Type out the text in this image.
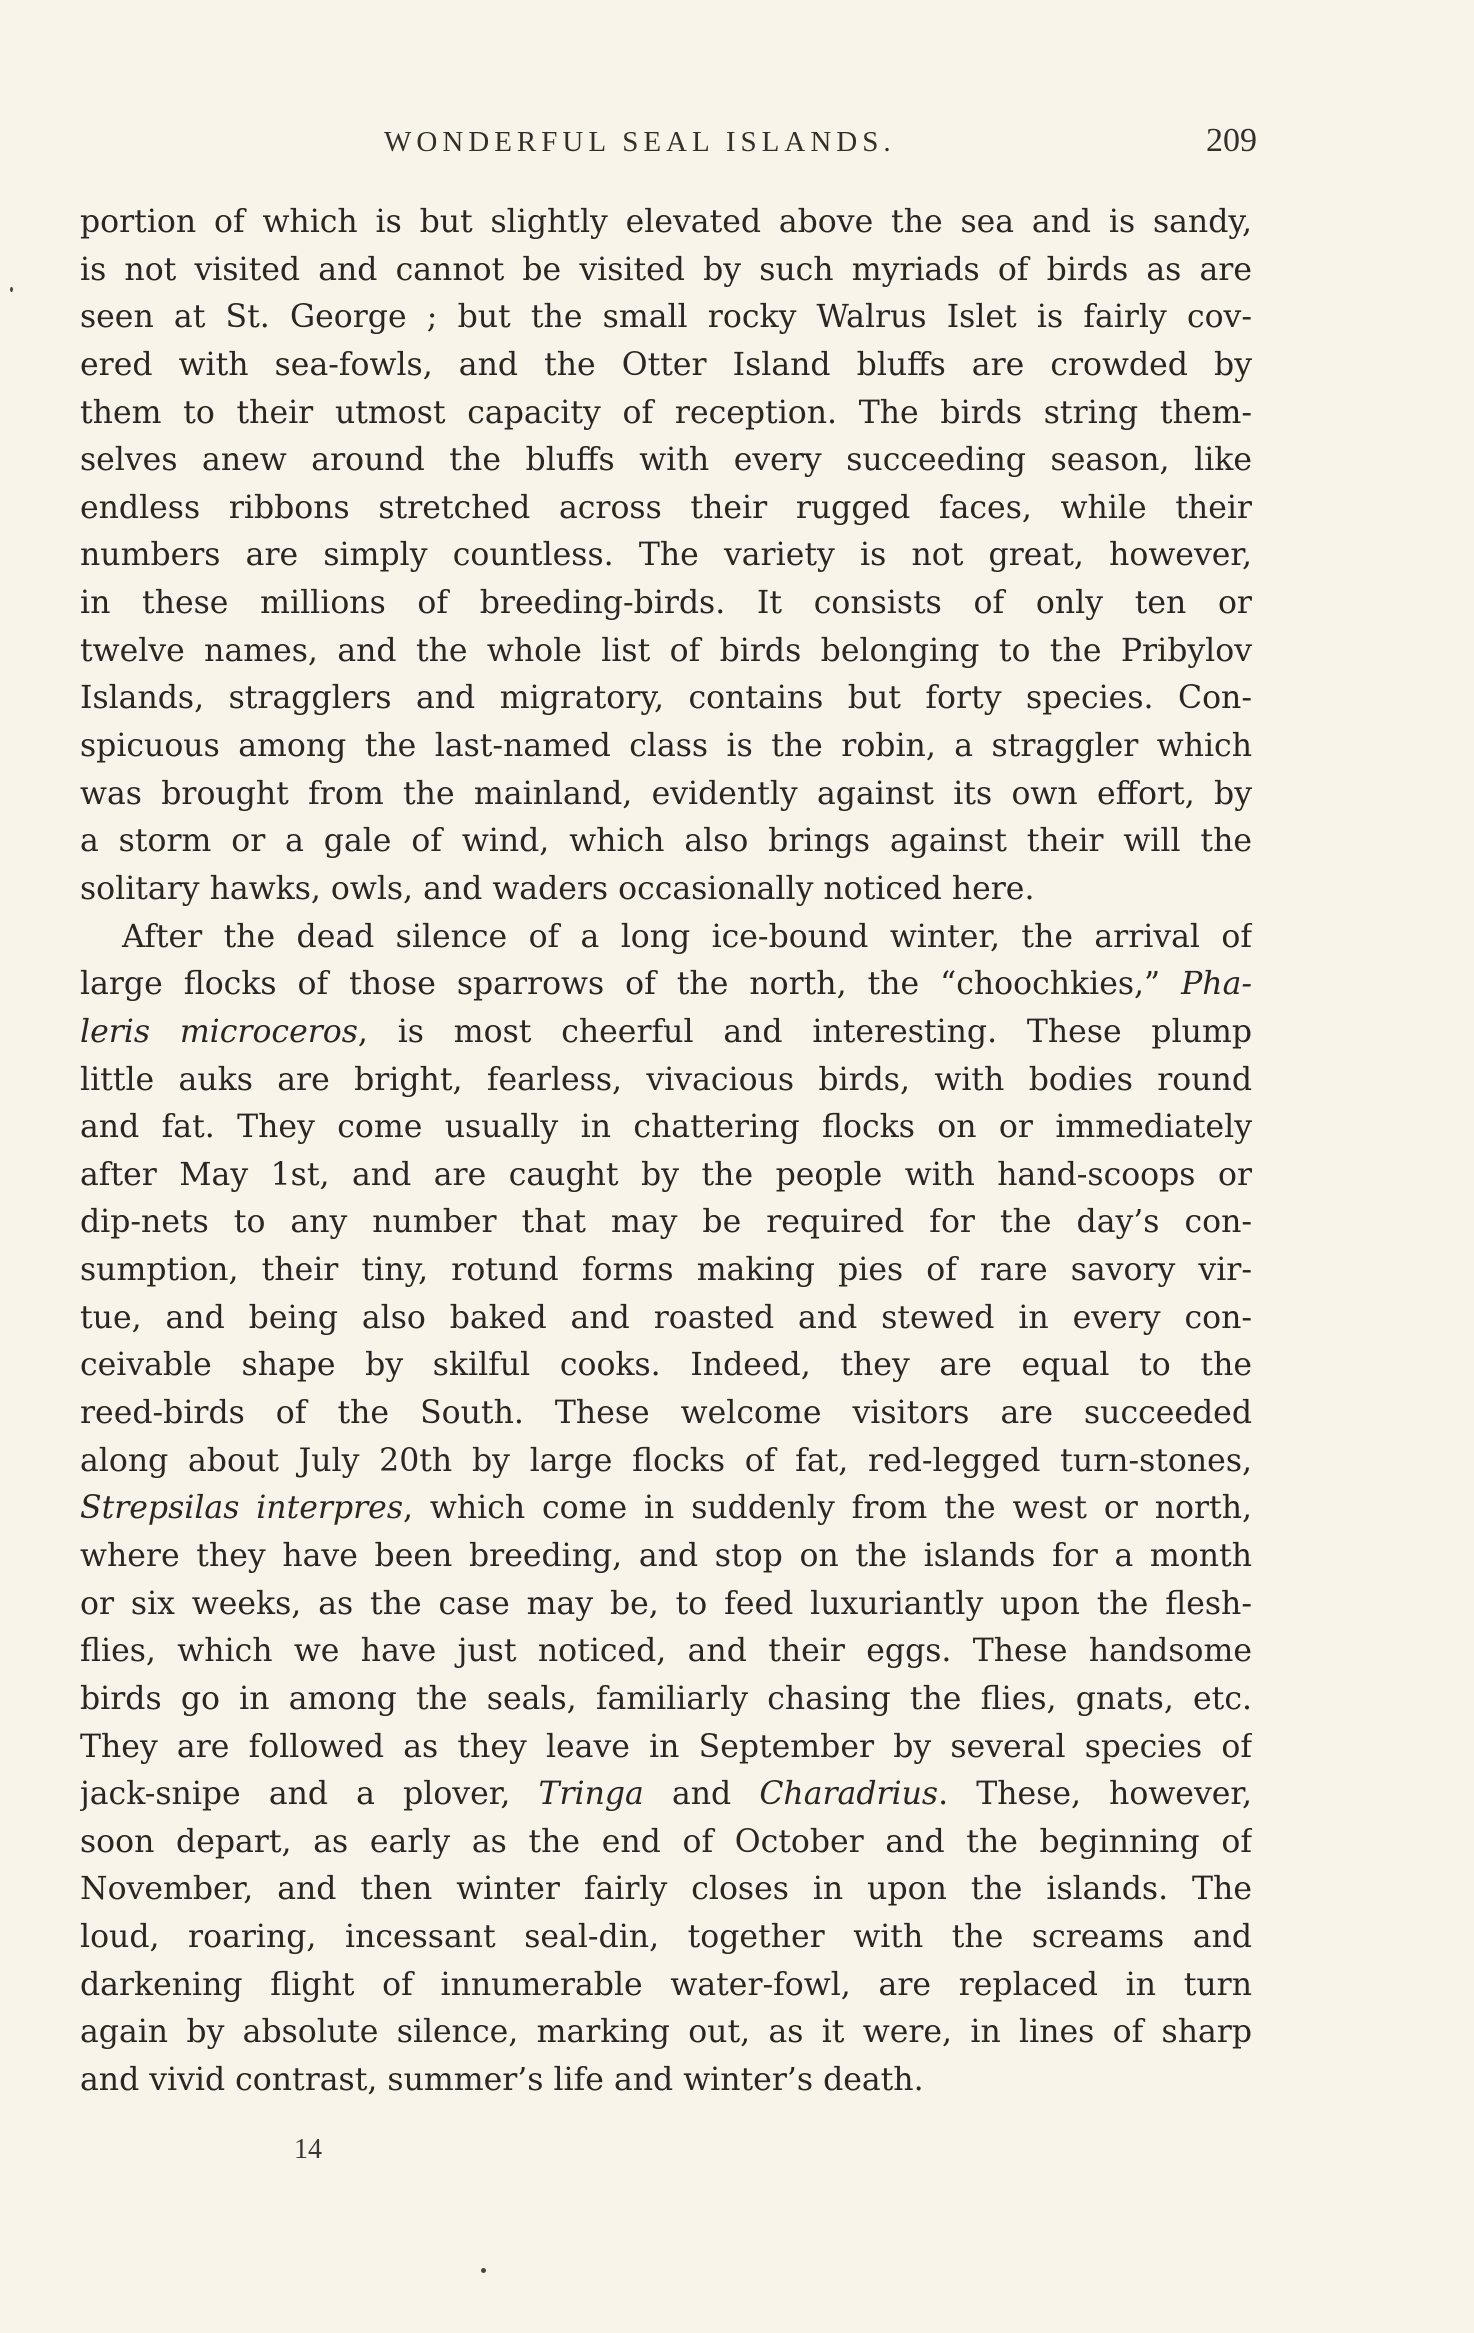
WONDERFUL SEAL ISLANDS.	209
portion of which is but slightly elevated above the sea and is sandy,
is not visited and cannot be visited by such myriads of birds as are
seen at St. George ; but the small rocky Walrus Islet is fairly cov-
ered with sea-fowls, and the Otter Island bluffs are crowded by
them to their utmost capacity of reception. The birds string them-
selves anew around the bluffs with every succeeding season, like
endless ribbons stretched across their rugged faces, while their
numbers are simply countless. The variety is not great, however,
in these millions of breeding-birds. It consists of only ten or
twelve names, and the whole list of birds belonging to the Pribylov
Islands, stragglers and migratory, contains but forty species. Con-
spicuous among the last-named class is the robin, a straggler which
was brought from the mainland, evidently against its own effort, by
a storm or a gale of wind, which also brings against their will the
solitary hawks, owls, and waders occasionally noticed here.
After the dead silence of a long ice-bound winter, the arrival of
large flocks of those sparrows of the north, the “choochkies,” Pha-
leris microceros, is most cheerful and interesting. These plump
little auks are bright, fearless, vivacious birds, with bodies round
and fat. They come usually in chattering flocks on or immediately
after May 1st, and are caught by the people with hand-scoops or
dip-nets to any number that may be required for the day’s con-
sumption, their tiny, rotund forms making pies of rare savory vir-
tue, and being also baked and roasted and stewed in every con-
ceivable shape by skilful cooks. Indeed, they are equal to the
reed-birds of the South. These welcome visitors are succeeded
along about July 20th by large flocks of fat, red-legged turn-stones,
Strepsilas interpres, which come in suddenly from the west or north,
where they have been breeding, and stop on the islands for a month
or six weeks, as the case may be, to feed luxuriantly upon the flesh-
flies, which we have just noticed, and their eggs. These handsome
birds go in among the seals, familiarly chasing the flies, gnats, etc.
They are followed as they leave in September by several species of
jack-snipe and a plover, Tringa and Charadrius. These, however,
soon depart, as early as the end of October and the beginning of
November, and then winter fairly closes in upon the islands. The
loud, roaring, incessant seal-din, together with the screams and
darkening flight of innumerable water-fowl, are replaced in turn
again by absolute silence, marking out, as it were, in lines of sharp
and vivid contrast, summer’s life and winter’s death.
14
